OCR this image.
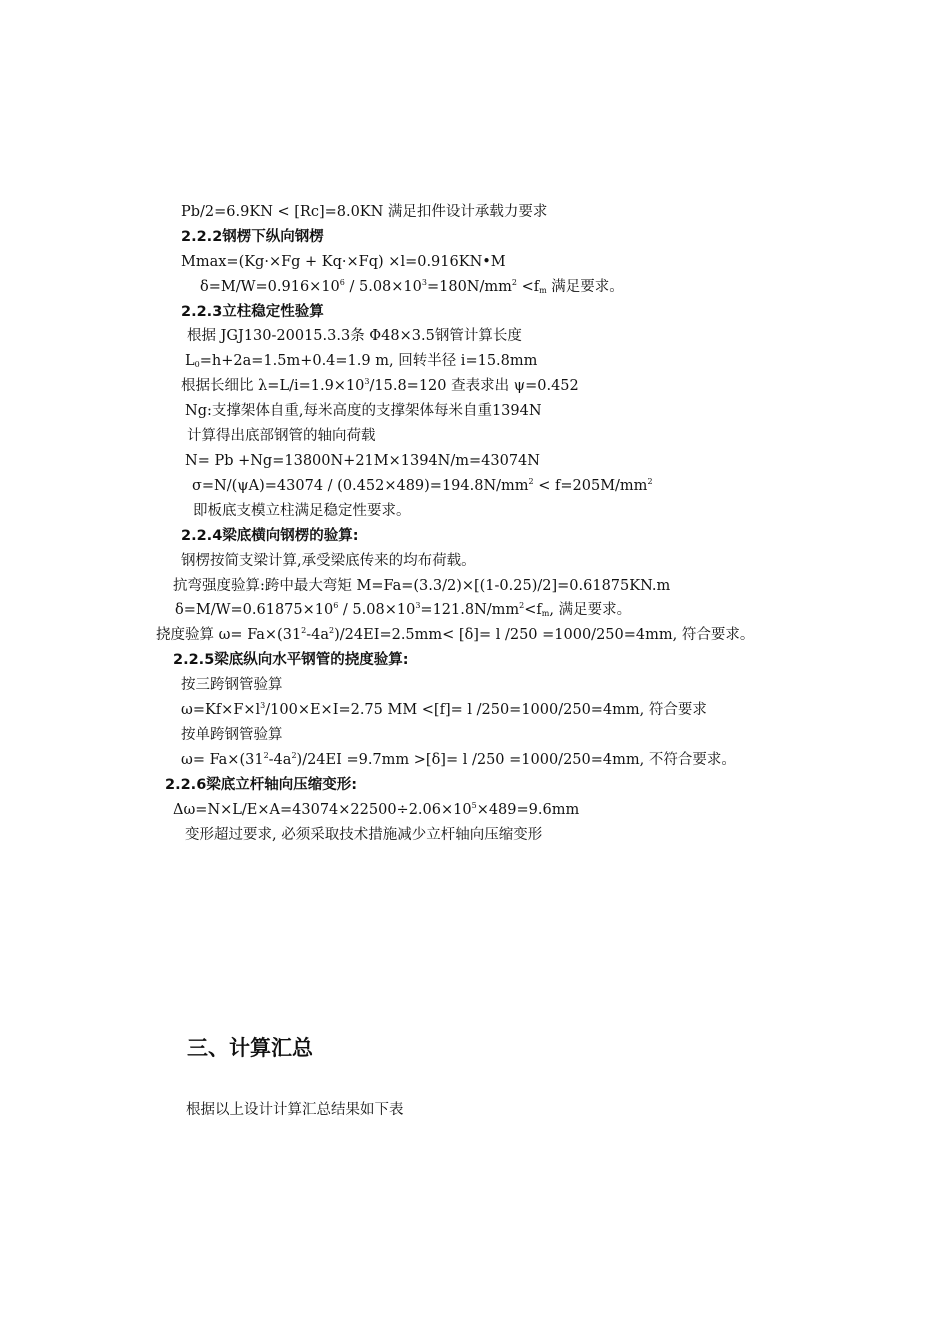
Pb/2=6.9KN < [Rc]=8.0KN 满足扣件设计承载力要求
2.2.2钢楞下纵向钢楞
Mmax=(Kg·×Fg + Kq·×Fq) ×l=0.916KN•M
$\delta=M/W=0.916\times 10^6 / 5.08\times 10^3=180N/mm^2 <f_m$ 满足要求。
2.2.3立柱稳定性验算
根据 JGJ130-20015.3.3条 Φ48×3.5钢管计算长度
$L_0=h+2a=1.5m+0.4=1.9$ m, 回转半径 i=15.8mm
根据长细比 $\lambda=L/i=1.9\times 10^3/15.8=120$ 查表求出 ψ=0.452
Ng:支撑架体自重,每米高度的支撑架体每米自重1394N
计算得出底部钢管的轴向荷载
N= Pb +Ng=13800N+21M×1394N/m=43074N
$\sigma=N/(\psi A)=43074 / (0.452\times 489)=194.8N/mm^2 < f=205M/mm^2$
即板底支模立柱满足稳定性要求。
2.2.4梁底横向钢楞的验算:
钢楞按简支梁计算,承受梁底传来的均布荷载。
抗弯强度验算:跨中最大弯矩 M=Fa=(3.3/2)×[(1-0.25)/2]=0.61875KN.m
$\delta=M/W=0.61875\times 10^6 / 5.08\times 10^3=121.8N/mm^2<f_m$, 满足要求。
挠度验算 $\omega= Fa\times(31^2-4a^2)/24EI=2.5mm< [\delta]= l$ /250 =1000/250=4mm, 符合要求。
2.2.5梁底纵向水平钢管的挠度验算:
按三跨钢管验算
$\omega=Kf\times F\times l^3/100\times E\times I=2.75$ MM <[f]= l /250=1000/250=4mm, 符合要求
按单跨钢管验算
$\omega= Fa\times(31^2-4a^2)/24EI =9.7mm >[\delta]= l$ /250 =1000/250=4mm, 不符合要求。
2.2.6梁底立杆轴向压缩变形:
$\Delta\omega=N\times L/E\times A=43074\times 22500\div 2.06\times 10^5\times 489=9.6mm$
变形超过要求, 必须采取技术措施减少立杆轴向压缩变形
三、计算汇总
根据以上设计计算汇总结果如下表
